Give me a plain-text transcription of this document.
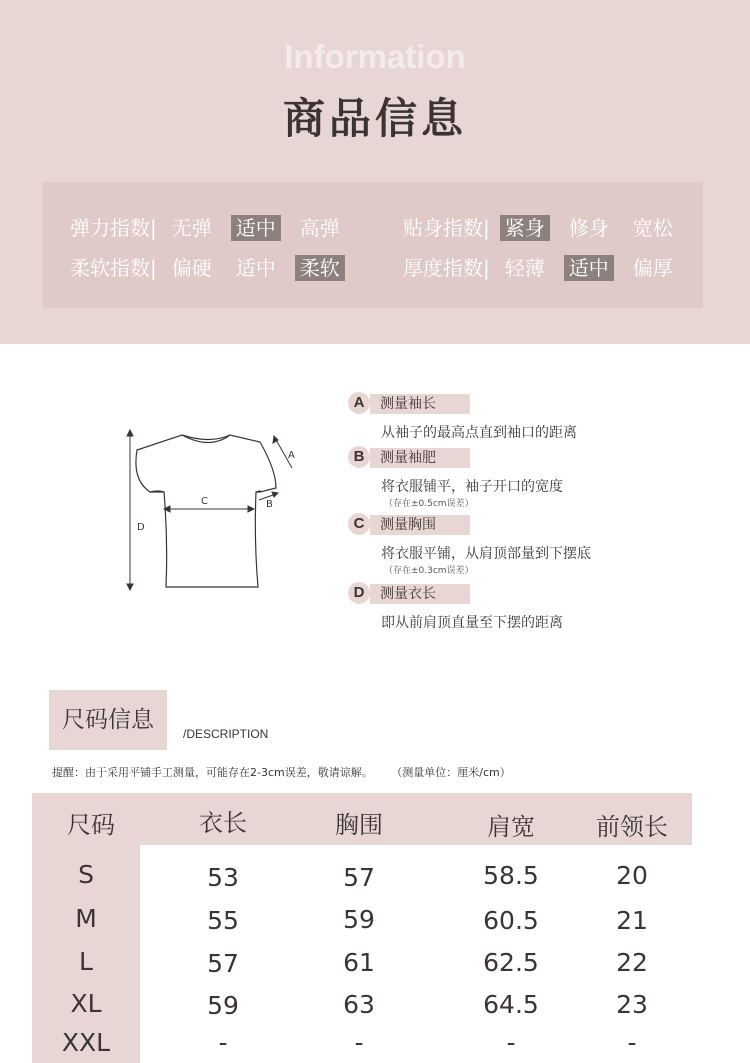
Information
商品信息
弹力指数| 无弹 适中 高弹	贴身指数| 紧身 修身 宽松
柔软指数| 偏硬 适中 柔软	厚度指数| 轻薄 适中 偏厚
A
B
C
D
A	测量袖长
从袖子的最高点直到袖口的距离
B	测量袖肥
将衣服铺平，袖子开口的宽度
（存在±0.5cm误差）
C	测量胸围
将衣服平铺，从肩顶部量到下摆底
（存在±0.3cm误差）
D	测量衣长
即从前肩顶直量至下摆的距离
尺码信息
/DESCRIPTION
提醒：由于采用平铺手工测量，可能存在2-3cm误差，敬请谅解。 （测量单位：厘米/cm）
尺码	衣长	胸围	肩宽	前领长
S	53	57	58.5	20
M	55	59	60.5	21
L	57	61	62.5	22
XL	59	63	64.5	23
XXL	-	-	-	-
